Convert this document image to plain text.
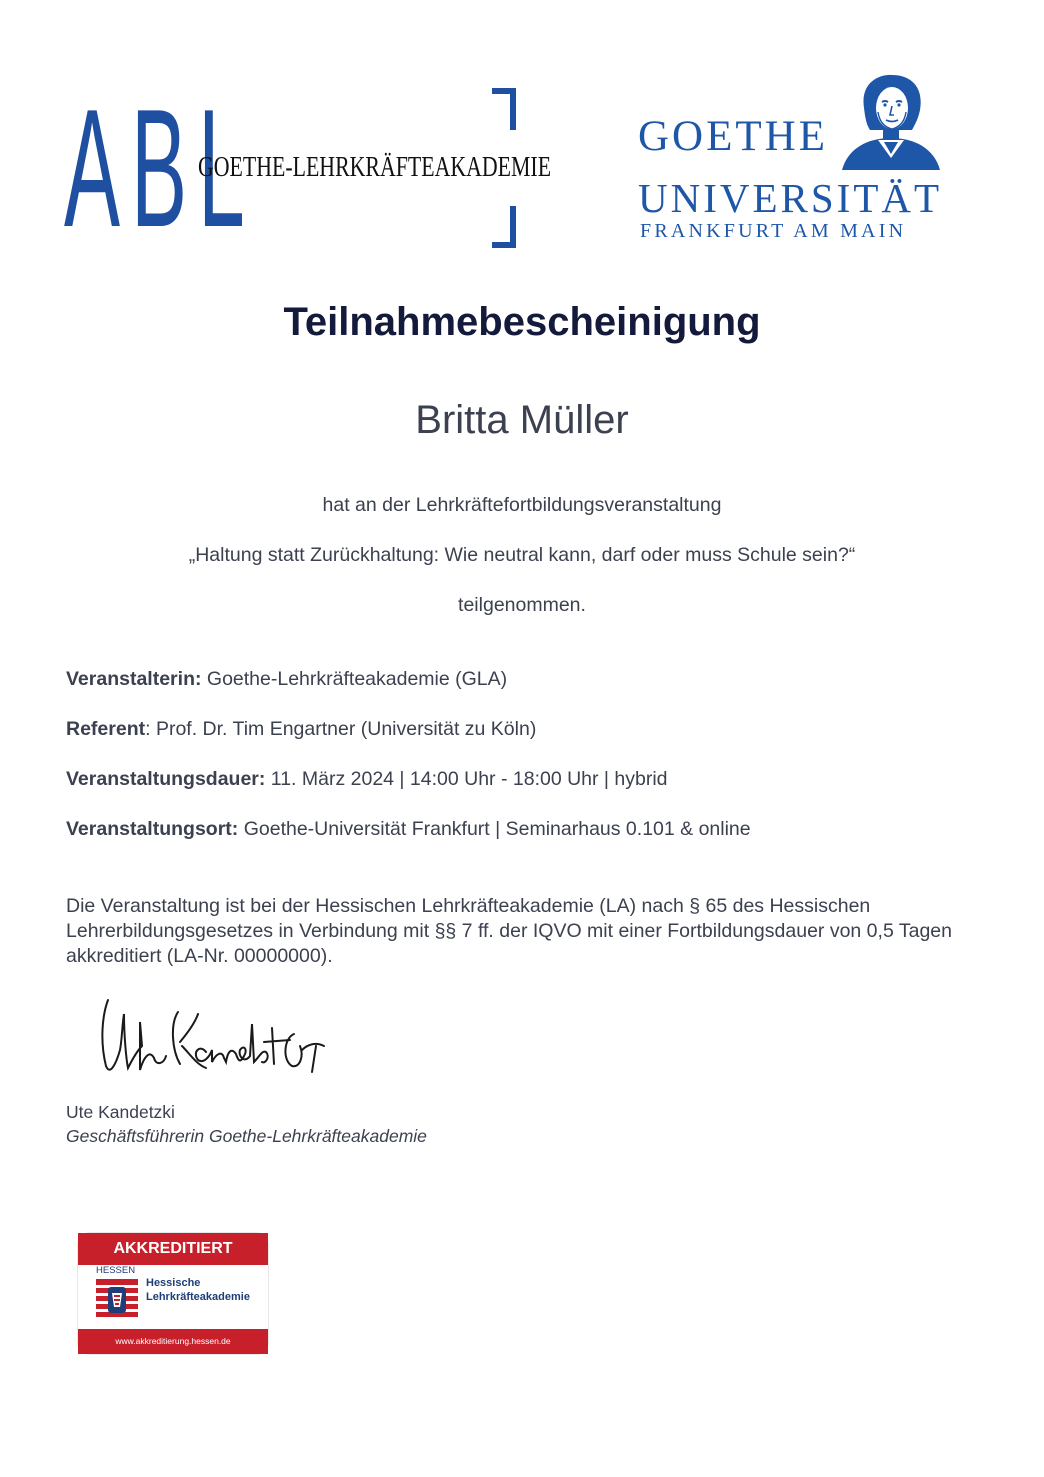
ABL
GOETHE-LEHRKRÄFTEAKADEMIE
GOETHE
UNIVERSITÄT
FRANKFURT AM MAIN
Teilnahmebescheinigung
Britta Müller
hat an der Lehrkräftefortbildungsveranstaltung
„Haltung statt Zurückhaltung: Wie neutral kann, darf oder muss Schule sein?“
teilgenommen.
Veranstalterin: Goethe-Lehrkräfteakademie (GLA)
Referent: Prof. Dr. Tim Engartner (Universität zu Köln)
Veranstaltungsdauer: 11. März 2024 | 14:00 Uhr - 18:00 Uhr | hybrid
Veranstaltungsort: Goethe-Universität Frankfurt | Seminarhaus 0.101 & online
Die Veranstaltung ist bei der Hessischen Lehrkräfteakademie (LA) nach § 65 des Hessischen Lehrerbildungsgesetzes in Verbindung mit §§ 7 ff. der IQVO mit einer Fortbildungsdauer von 0,5 Tagen akkreditiert (LA-Nr. 00000000).
Ute Kandetzki
Geschäftsführerin Goethe-Lehrkräfteakademie
AKKREDITIERT
HESSEN
Hessische
Lehrkräfteakademie
www.akkreditierung.hessen.de
